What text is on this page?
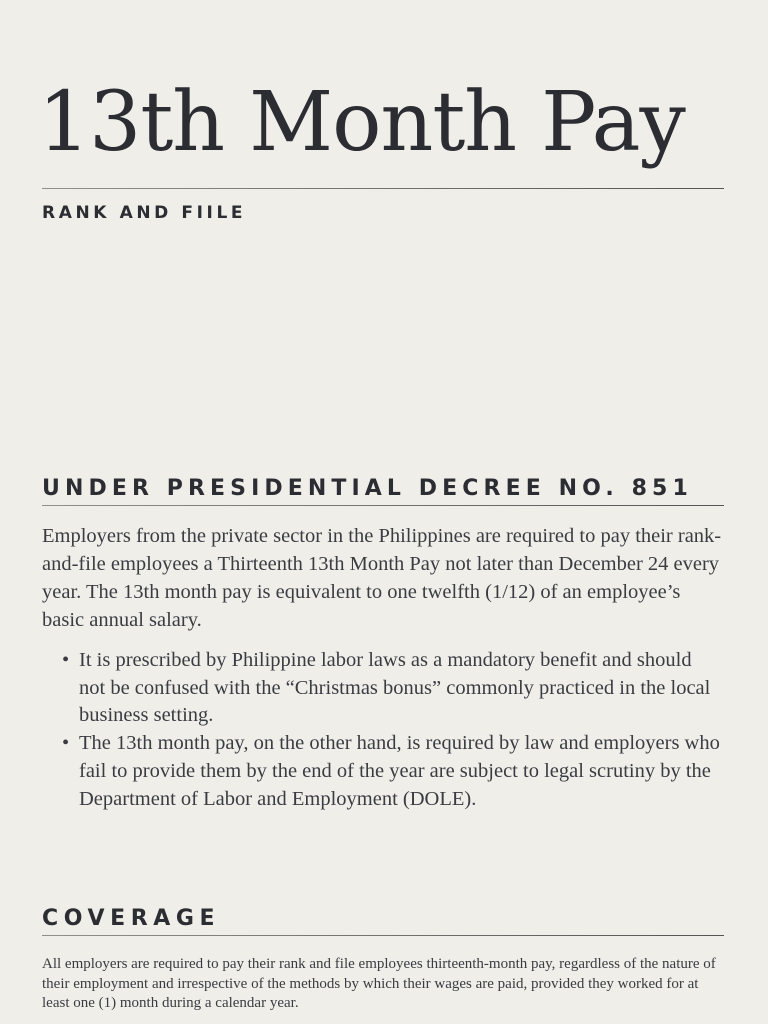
13th Month Pay
RANK AND FIILE
UNDER PRESIDENTIAL DECREE NO. 851

Employers from the private sector in the Philippines are required to pay their rank-and-file employees a Thirteenth 13th Month Pay not later than December 24 every year. The 13th month pay is equivalent to one twelfth (1/12) of an employee’s basic annual salary.

• It is prescribed by Philippine labor laws as a mandatory benefit and should not be confused with the “Christmas bonus” commonly practiced in the local business setting.
• The 13th month pay, on the other hand, is required by law and employers who fail to provide them by the end of the year are subject to legal scrutiny by the Department of Labor and Employment (DOLE).
COVERAGE

All employers are required to pay their rank and file employees thirteenth-month pay, regardless of the nature of their employment and irrespective of the methods by which their wages are paid, provided they worked for at least one (1) month during a calendar year.
